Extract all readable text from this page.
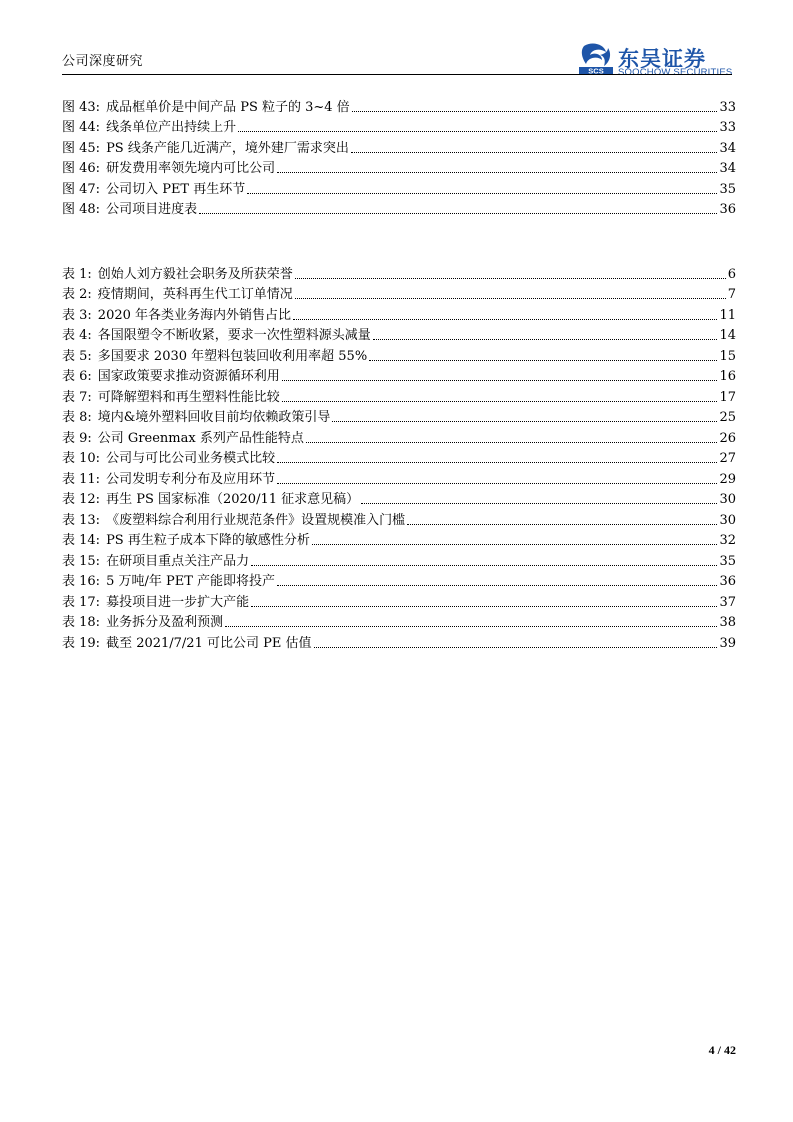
公司深度研究
SCS 东吴证券
SOOCHOW SECURITIES
图 43: 成品框单价是中间产品 PS 粒子的 3~4 倍	33
图 44: 线条单位产出持续上升	33
图 45: PS 线条产能几近满产，境外建厂需求突出	34
图 46: 研发费用率领先境内可比公司	34
图 47: 公司切入 PET 再生环节	35
图 48: 公司项目进度表	36
表 1: 创始人刘方毅社会职务及所获荣誉	6
表 2: 疫情期间，英科再生代工订单情况	7
表 3: 2020 年各类业务海内外销售占比	11
表 4: 各国限塑令不断收紧，要求一次性塑料源头减量	14
表 5: 多国要求 2030 年塑料包装回收利用率超 55%	15
表 6: 国家政策要求推动资源循环利用	16
表 7: 可降解塑料和再生塑料性能比较	17
表 8: 境内&境外塑料回收目前均依赖政策引导	25
表 9: 公司 Greenmax 系列产品性能特点	26
表 10: 公司与可比公司业务模式比较	27
表 11: 公司发明专利分布及应用环节	29
表 12: 再生 PS 国家标准（2020/11 征求意见稿）	30
表 13: 《废塑料综合利用行业规范条件》设置规模准入门槛	30
表 14: PS 再生粒子成本下降的敏感性分析	32
表 15: 在研项目重点关注产品力	35
表 16: 5 万吨/年 PET 产能即将投产	36
表 17: 募投项目进一步扩大产能	37
表 18: 业务拆分及盈利预测	38
表 19: 截至 2021/7/21 可比公司 PE 估值	39
4 / 42
